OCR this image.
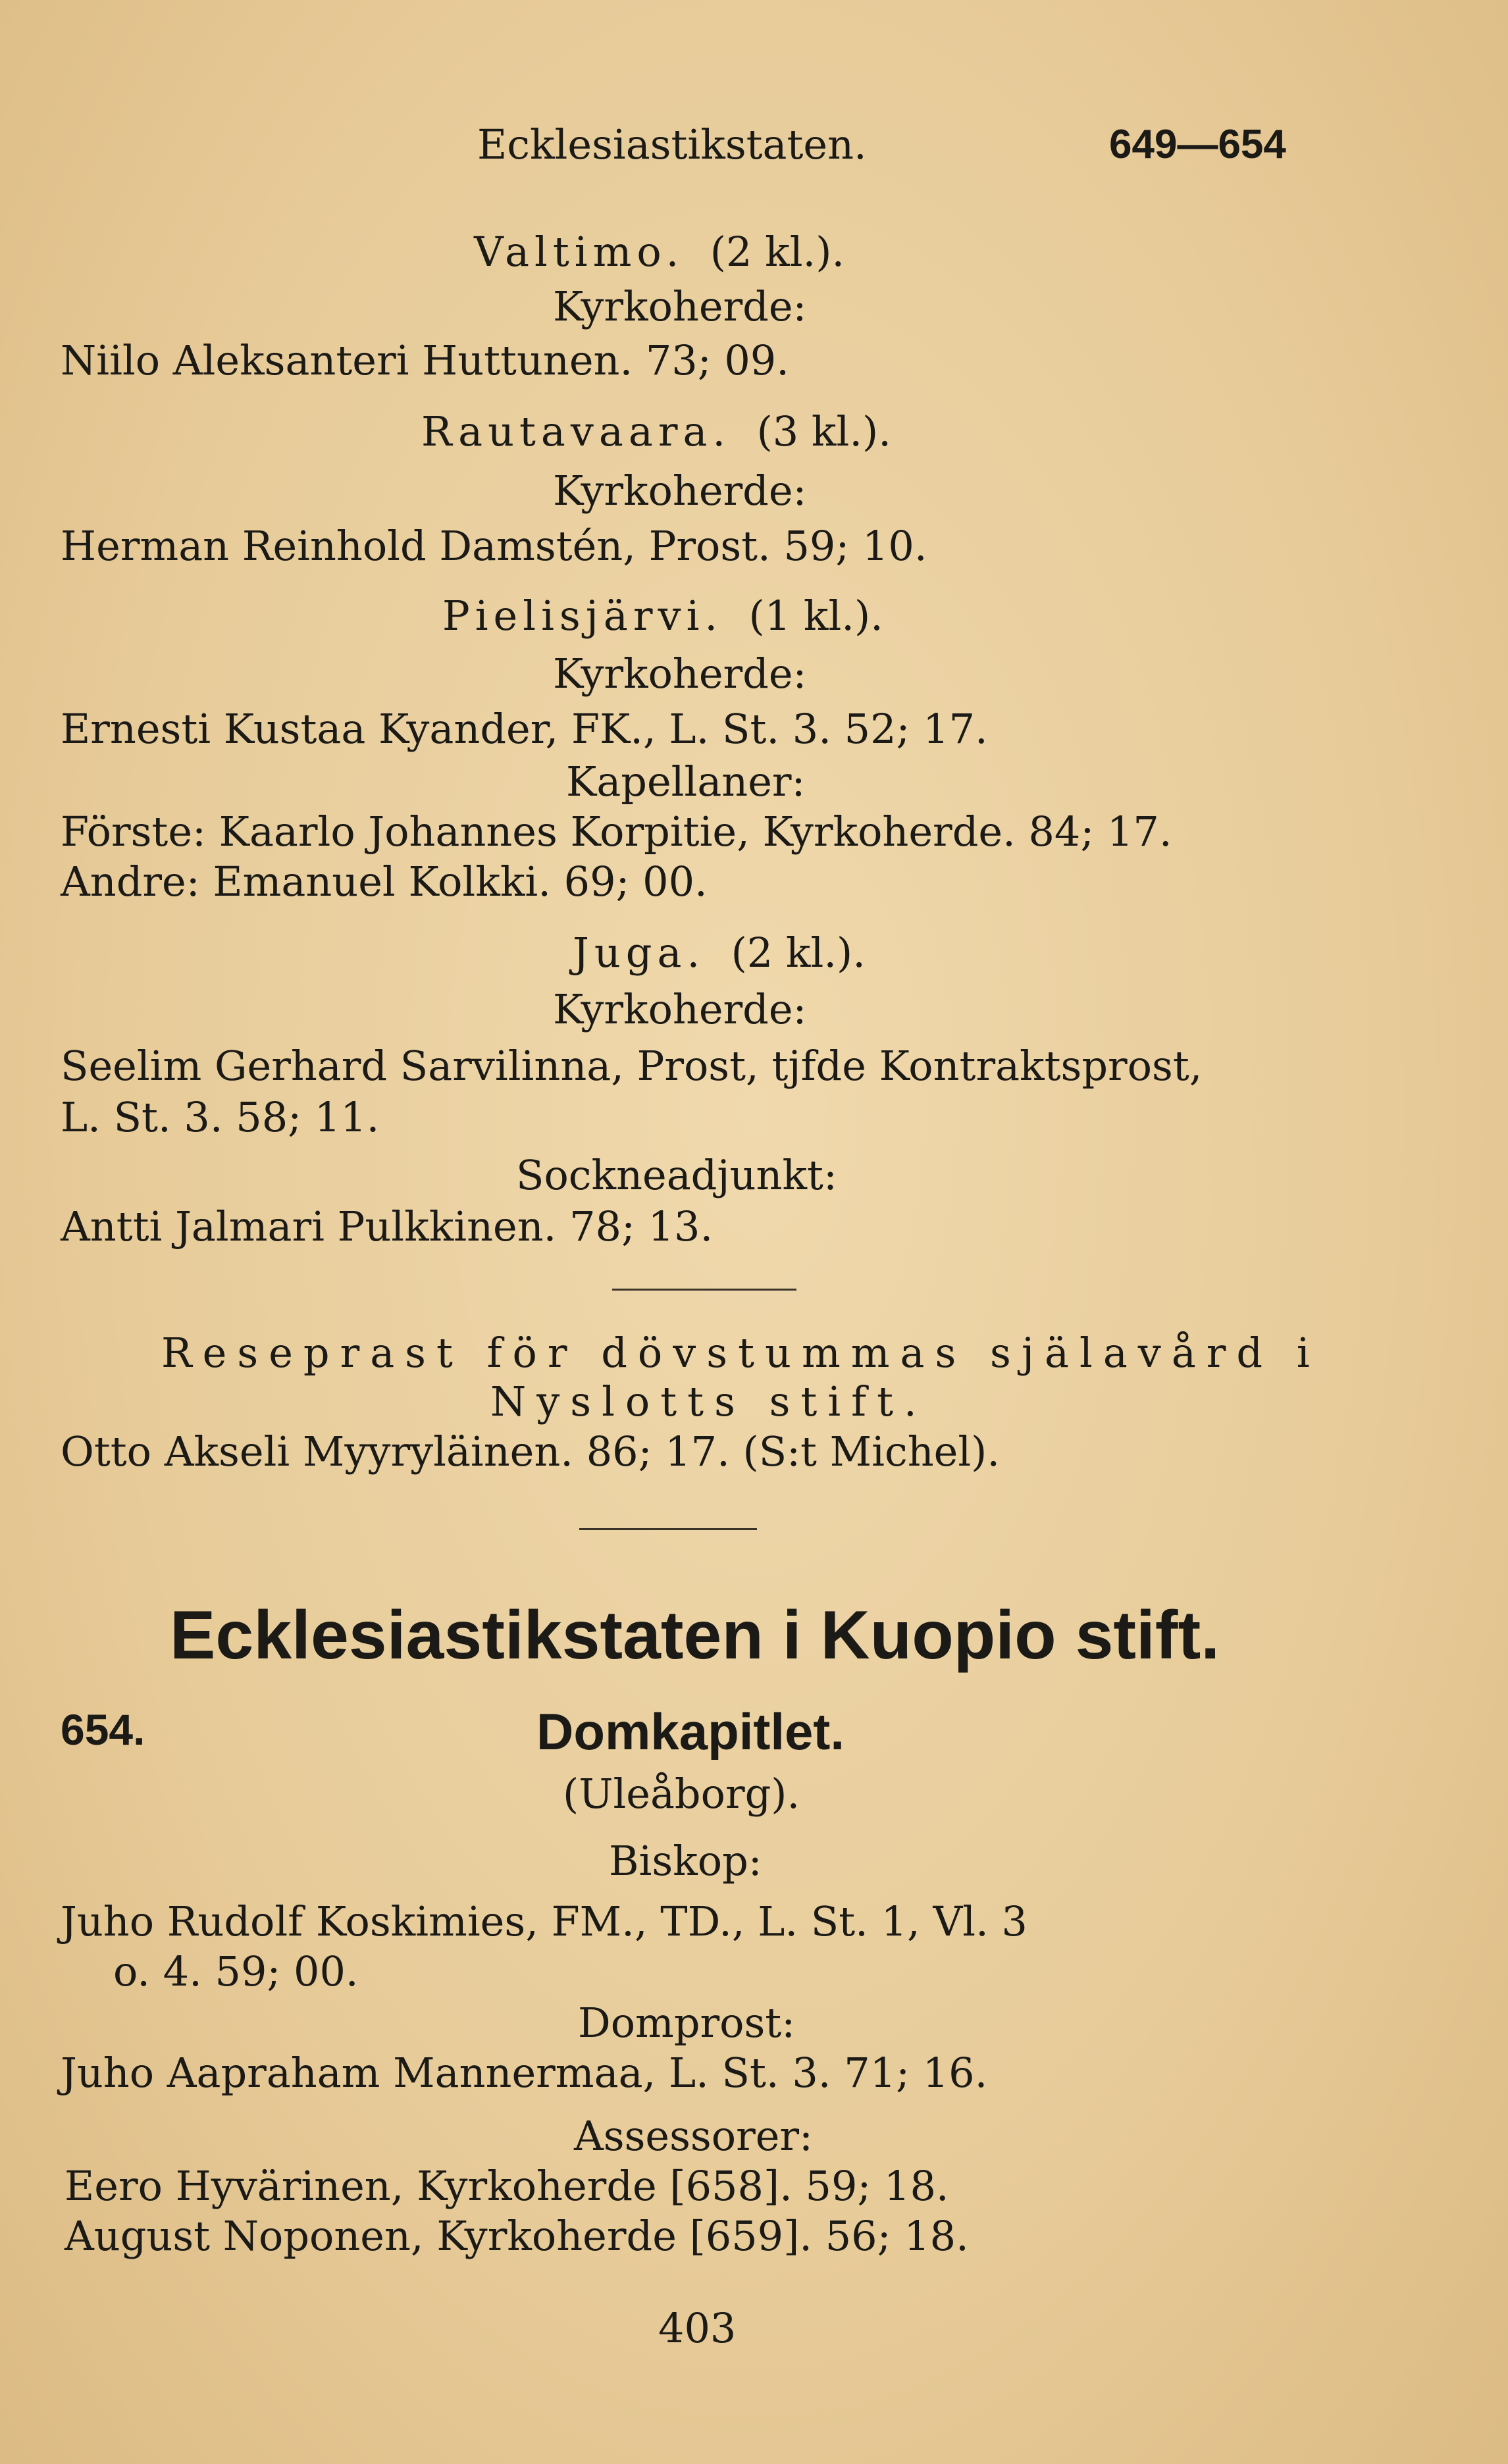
Ecklesiastikstaten.	649—654
Valtimo. (2 kl.).
Kyrkoherde:
Niilo Aleksanteri Huttunen. 73; 09.
Rautavaara. (3 kl.).
Kyrkoherde:
Herman Reinhold Damstén, Prost. 59; 10.
Pielisjärvi. (1 kl.).
Kyrkoherde:
Ernesti Kustaa Kyander, FK., L. St. 3. 52; 17.
Kapellaner:
Förste: Kaarlo Johannes Korpitie, Kyrkoherde. 84; 17.
Andre: Emanuel Kolkki. 69; 00.
Juga. (2 kl.).
Kyrkoherde:
Seelim Gerhard Sarvilinna, Prost, tjfde Kontraktsprost,
L. St. 3. 58; 11.
Sockneadjunkt:
Antti Jalmari Pulkkinen. 78; 13.
Reseprast för dövstummas själavård i
Nyslotts stift.
Otto Akseli Myyryläinen. 86; 17. (S:t Michel).
Ecklesiastikstaten i Kuopio stift.
654.	Domkapitlet.
(Uleåborg).
Biskop:
Juho Rudolf Koskimies, FM., TD., L. St. 1, Vl. 3
o. 4. 59; 00.
Domprost:
Juho Aapraham Mannermaa, L. St. 3. 71; 16.
Assessorer:
Eero Hyvärinen, Kyrkoherde [658]. 59; 18.
August Noponen, Kyrkoherde [659]. 56; 18.
403
